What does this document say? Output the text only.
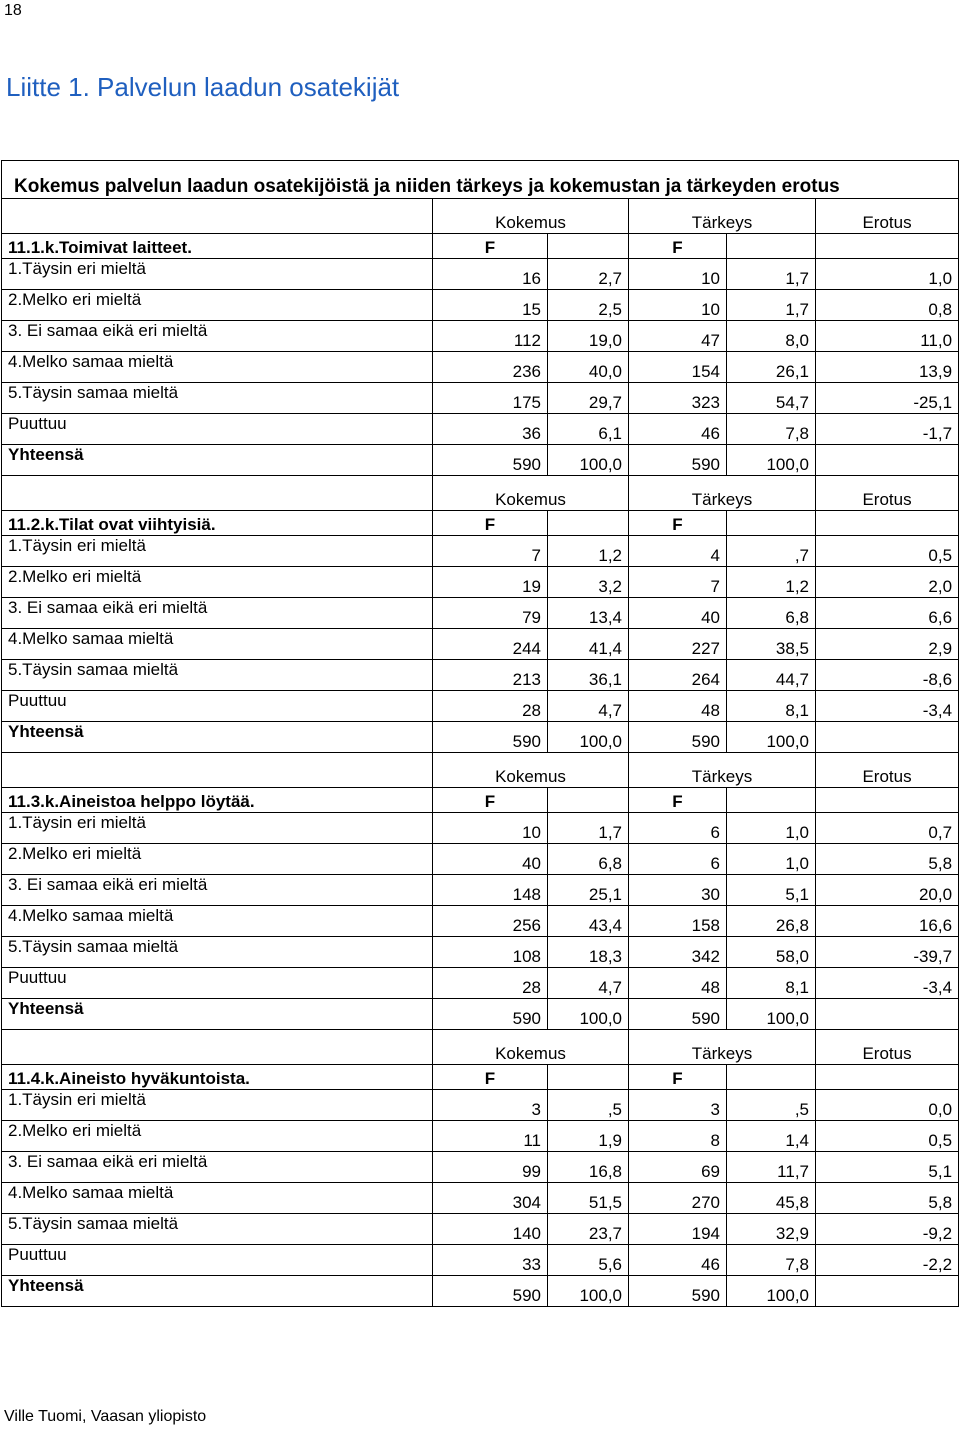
18
Liitte 1. Palvelun laadun osatekijät
Kokemus palvelun laadun osatekijöistä ja niiden tärkeys ja kokemustan ja tärkeyden erotus					
	Kokemus		Tärkeys		Erotus
11.1.k.Toimivat laitteet.	F		F		
1.Täysin eri mieltä	16	2,7	10	1,7	1,0
2.Melko eri mieltä	15	2,5	10	1,7	0,8
3. Ei samaa eikä eri mieltä	112	19,0	47	8,0	11,0
4.Melko samaa mieltä	236	40,0	154	26,1	13,9
5.Täysin samaa mieltä	175	29,7	323	54,7	-25,1
Puuttuu	36	6,1	46	7,8	-1,7
Yhteensä	590	100,0	590	100,0	
	Kokemus		Tärkeys		Erotus
11.2.k.Tilat ovat viihtyisiä.	F		F		
1.Täysin eri mieltä	7	1,2	4	,7	0,5
2.Melko eri mieltä	19	3,2	7	1,2	2,0
3. Ei samaa eikä eri mieltä	79	13,4	40	6,8	6,6
4.Melko samaa mieltä	244	41,4	227	38,5	2,9
5.Täysin samaa mieltä	213	36,1	264	44,7	-8,6
Puuttuu	28	4,7	48	8,1	-3,4
Yhteensä	590	100,0	590	100,0	
	Kokemus		Tärkeys		Erotus
11.3.k.Aineistoa helppo löytää.	F		F		
1.Täysin eri mieltä	10	1,7	6	1,0	0,7
2.Melko eri mieltä	40	6,8	6	1,0	5,8
3. Ei samaa eikä eri mieltä	148	25,1	30	5,1	20,0
4.Melko samaa mieltä	256	43,4	158	26,8	16,6
5.Täysin samaa mieltä	108	18,3	342	58,0	-39,7
Puuttuu	28	4,7	48	8,1	-3,4
Yhteensä	590	100,0	590	100,0	
	Kokemus		Tärkeys		Erotus
11.4.k.Aineisto hyväkuntoista.	F		F		
1.Täysin eri mieltä	3	,5	3	,5	0,0
2.Melko eri mieltä	11	1,9	8	1,4	0,5
3. Ei samaa eikä eri mieltä	99	16,8	69	11,7	5,1
4.Melko samaa mieltä	304	51,5	270	45,8	5,8
5.Täysin samaa mieltä	140	23,7	194	32,9	-9,2
Puuttuu	33	5,6	46	7,8	-2,2
Yhteensä	590	100,0	590	100,0	
Ville Tuomi, Vaasan yliopisto
